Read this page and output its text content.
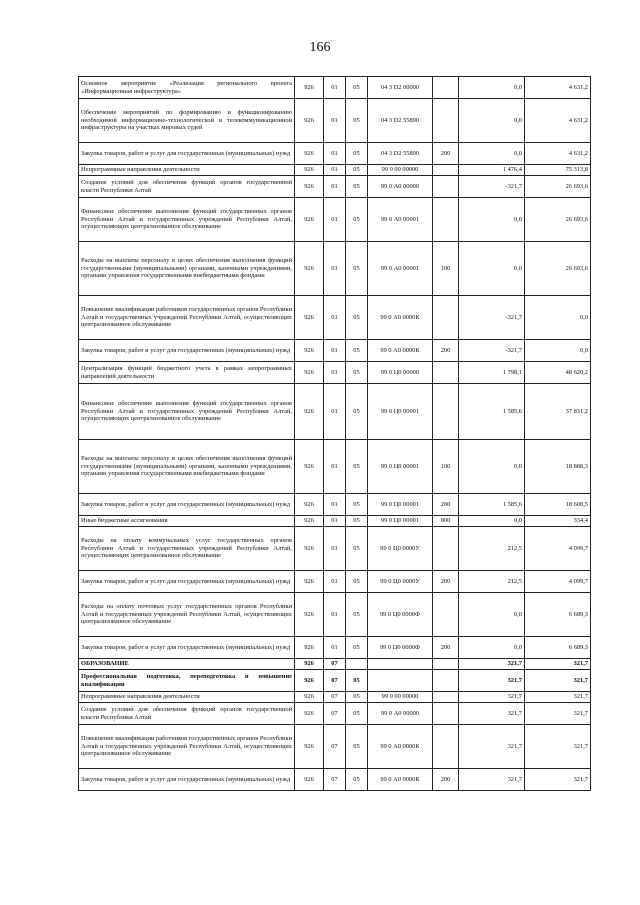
166
Основное мероприятие «Реализация регионального проекта «Информационная инфраструктура»	926	01	05	04 3 D2 00000		0,0	4 631,2
Обеспечение мероприятий по формированию и функционированию необходимой информационно-технологической и телекоммуникационной инфраструктуры на участках мировых судей	926	01	05	04 3 D2 55890		0,0	4 631,2
Закупка товаров, работ и услуг для государственных (муниципальных) нужд	926	01	05	04 3 D2 55890	200	0,0	4 631,2
Непрограммные направления деятельности	926	01	05	99 0 00 00000		1 476,4	75 313,8
Создание условий для обеспечения функций органов государственной власти Республики Алтай	926	01	05	99 0 А0 00000		-321,7	26 693,6
Финансовое обеспечение выполнения функций государственных органов Республики Алтай и государственных учреждений Республики Алтай, осуществляющих централизованное обслуживание	926	01	05	99 0 А0 00001		0,0	26 693,6
Расходы на выплаты персоналу в целях обеспечения выполнения функций государственными (муниципальными) органами, казенными учреждениями, органами управления государственными внебюджетными фондами	926	01	05	99 0 А0 00001	100	0,0	26 693,6
Повышение квалификации работников государственных органов Республики Алтай и государственных учреждений Республики Алтай, осуществляющих централизованное обслуживание	926	01	05	99 0 А0 0000К		-321,7	0,0
Закупка товаров, работ и услуг для государственных (муниципальных) нужд	926	01	05	99 0 А0 0000К	200	-321,7	0,0
Централизация функций бюджетного учета в рамках непрограммных направлений деятельности	926	01	05	99 0 Ц0 00000		1 798,1	48 620,2
Финансовое обеспечение выполнения функций государственных органов Республики Алтай и государственных учреждений Республики Алтай, осуществляющих централизованное обслуживание	926	01	05	99 0 Ц0 00001		1 585,6	37 831,2
Расходы на выплаты персоналу в целях обеспечения выполнения функций государственными (муниципальными) органами, казенными учреждениями, органами управления государственными внебюджетными фондами	926	01	05	99 0 Ц0 00001	100	0,0	18 888,3
Закупка товаров, работ и услуг для государственных (муниципальных) нужд	926	01	05	99 0 Ц0 00001	200	1 585,6	18 608,5
Иные бюджетные ассигнования	926	01	05	99 0 Ц0 00001	800	0,0	334,4
Расходы на оплату коммунальных услуг государственных органов Республики Алтай и государственных учреждений Республики Алтай, осуществляющих централизованное обслуживание	926	01	05	99 0 Ц0 0000У		212,5	4 099,7
Закупка товаров, работ и услуг для государственных (муниципальных) нужд	926	01	05	99 0 Ц0 0000У	200	212,5	4 099,7
Расходы на оплату почтовых услуг государственных органов Республики Алтай и государственных учреждений Республики Алтай, осуществляющих централизованное обслуживание	926	01	05	99 0 Ц0 0000Ф		0,0	6 689,3
Закупка товаров, работ и услуг для государственных (муниципальных) нужд	926	01	05	99 0 Ц0 0000Ф	200	0,0	6 689,3
ОБРАЗОВАНИЕ	926	07				321,7	321,7
Профессиональная подготовка, переподготовка и повышение квалификации	926	07	05			321,7	321,7
Непрограммные направления деятельности	926	07	05	99 0 00 00000		321,7	321,7
Создание условий для обеспечения функций органов государственной власти Республики Алтай	926	07	05	99 0 А0 00000		321,7	321,7
Повышение квалификации работников государственных органов Республики Алтай и государственных учреждений Республики Алтай, осуществляющих централизованное обслуживание	926	07	05	99 0 А0 0000К		321,7	321,7
Закупка товаров, работ и услуг для государственных (муниципальных) нужд	926	07	05	99 0 А0 0000К	200	321,7	321,7
